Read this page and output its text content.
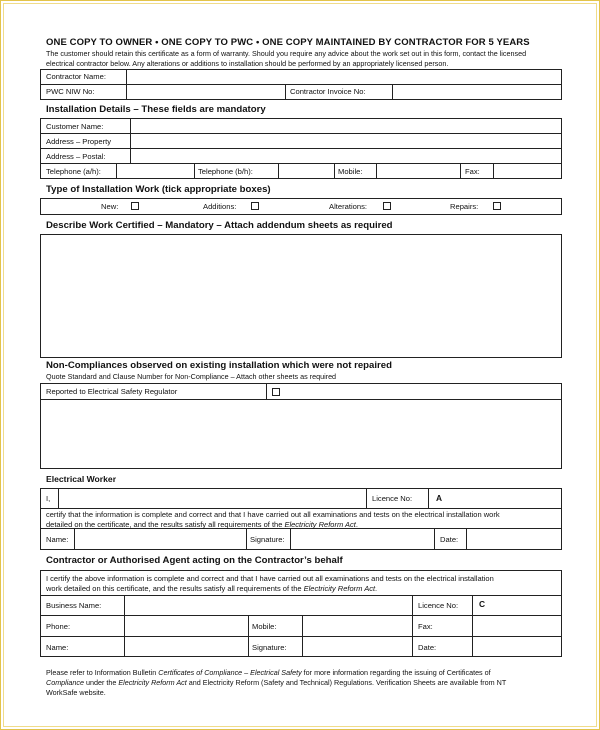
ONE COPY TO OWNER • ONE COPY TO PWC • ONE COPY MAINTAINED BY CONTRACTOR FOR 5 YEARS
The customer should retain this certificate as a form of warranty. Should you require any advice about the work set out in this form, contact the licensed
electrical contractor below. Any alterations or additions to installation should be performed by an appropriately licensed person.
Contractor Name:
PWC NIW No:	Contractor Invoice No:
Installation Details – These fields are mandatory
Customer Name:
Address – Property
Address – Postal:
Telephone (a/h):	Telephone (b/h):	Mobile:	Fax:
Type of Installation Work (tick appropriate boxes)
New:	Additions:	Alterations:	Repairs:
Describe Work Certified – Mandatory – Attach addendum sheets as required
Non-Compliances observed on existing installation which were not repaired
Quote Standard and Clause Number for Non-Compliance – Attach other sheets as required
Reported to Electrical Safety Regulator
Electrical Worker
I,	Licence No:	A
certify that the information is complete and correct and that I have carried out all examinations and tests on the electrical installation work
detailed on the certificate, and the results satisfy all requirements of the Electricity Reform Act.
Name:	Signature:	Date:
Contractor or Authorised Agent acting on the Contractor’s behalf
I certify the above information is complete and correct and that I have carried out all examinations and tests on the electrical installation
work detailed on this certificate, and the results satisfy all requirements of the Electricity Reform Act.
Business Name:	Licence No: C
Phone:	Mobile:	Fax:
Name:	Signature:	Date:
Please refer to Information Bulletin Certificates of Compliance – Electrical Safety for more information regarding the issuing of Certificates of
Compliance under the Electricity Reform Act and Electricity Reform (Safety and Technical) Regulations. Verification Sheets are available from NT
WorkSafe website.
